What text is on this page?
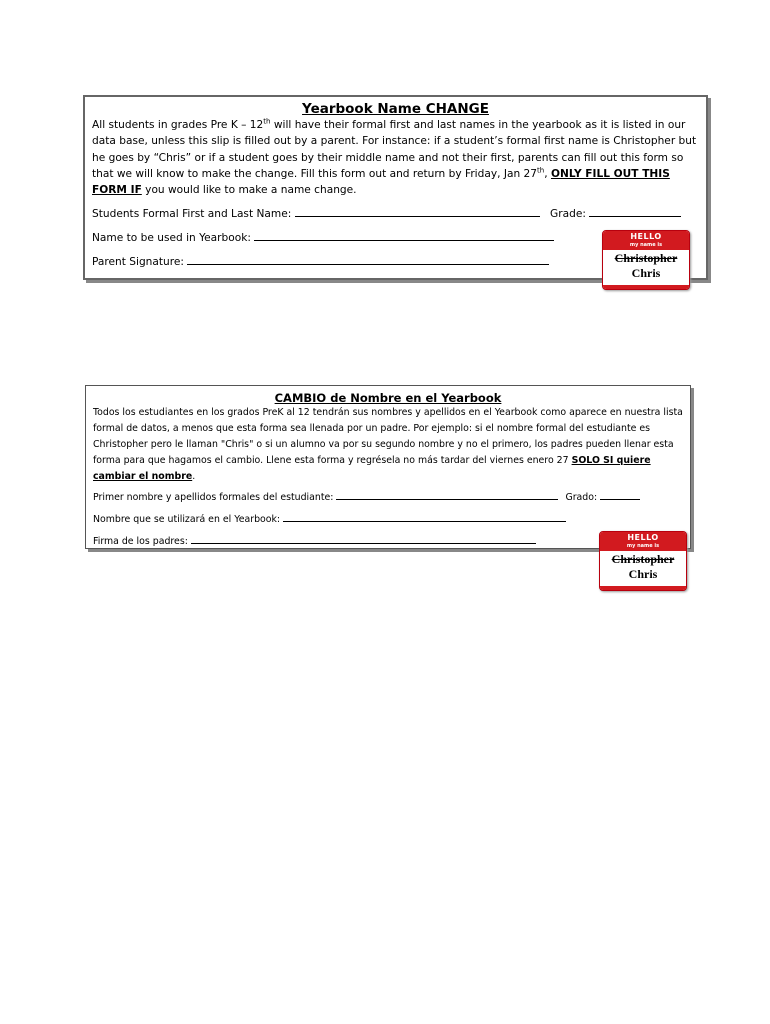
Yearbook Name CHANGE
All students in grades Pre K – 12th will have their formal first and last names in the yearbook as it is listed in our data base, unless this slip is filled out by a parent. For instance: if a student’s formal first name is Christopher but he goes by “Chris” or if a student goes by their middle name and not their first, parents can fill out this form so that we will know to make the change. Fill this form out and return by Friday, Jan 27th, ONLY FILL OUT THIS FORM IF you would like to make a name change.
Students Formal First and Last Name:	Grade:
Name to be used in Yearbook:
Parent Signature:
CAMBIO de Nombre en el Yearbook
Todos los estudiantes en los grados PreK al 12 tendrán sus nombres y apellidos en el Yearbook como aparece en nuestra lista formal de datos, a menos que esta forma sea llenada por un padre. Por ejemplo: si el nombre formal del estudiante es Christopher pero le llaman "Chris" o si un alumno va por su segundo nombre y no el primero, los padres pueden llenar esta forma para que hagamos el cambio. Llene esta forma y regrésela no más tardar del viernes enero 27 SOLO SI quiere cambiar el nombre.
Primer nombre y apellidos formales del estudiante:	Grado:
Nombre que se utilizará en el Yearbook:
Firma de los padres:
HELLO
my name is
Christopher
Chris
HELLO
my name is
Christopher
Chris
